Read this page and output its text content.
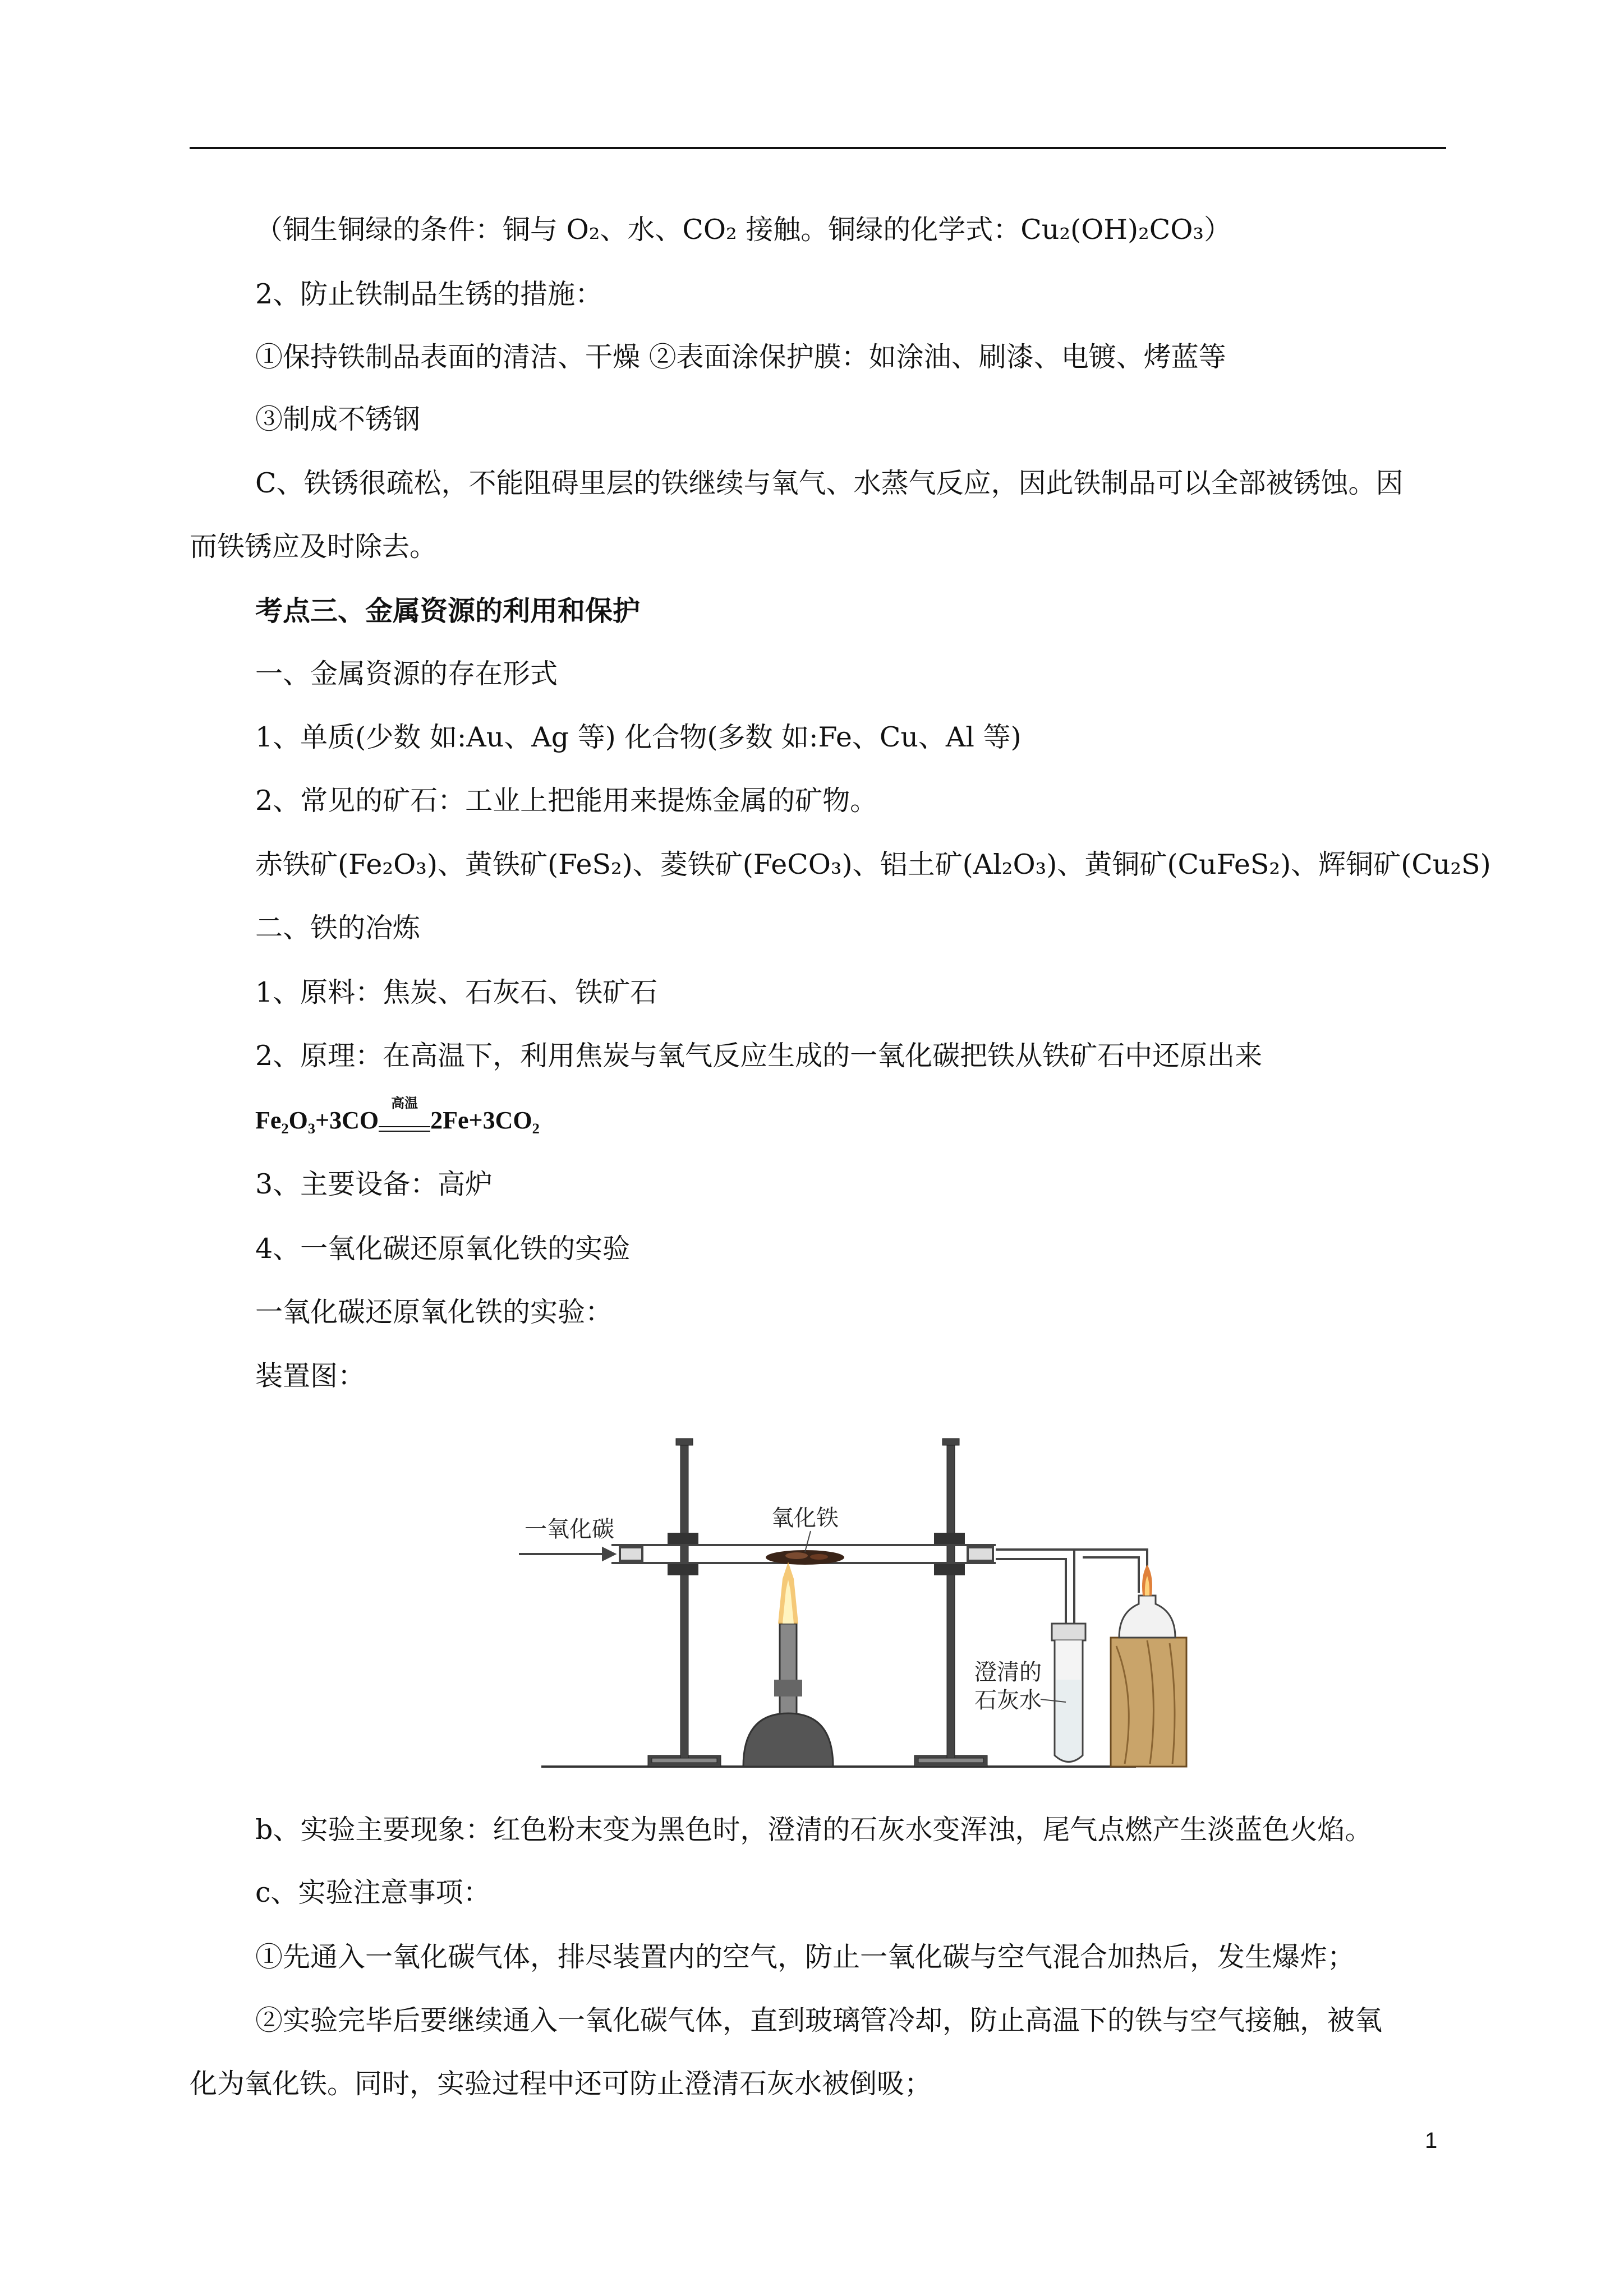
（铜生铜绿的条件：铜与 O₂、水、CO₂ 接触。铜绿的化学式：Cu₂(OH)₂CO₃）
2、防止铁制品生锈的措施：
①保持铁制品表面的清洁、干燥 ②表面涂保护膜：如涂油、刷漆、电镀、烤蓝等
③制成不锈钢
C、铁锈很疏松，不能阻碍里层的铁继续与氧气、水蒸气反应，因此铁制品可以全部被锈蚀。因
而铁锈应及时除去。
考点三、金属资源的利用和保护
一、金属资源的存在形式
1、单质(少数 如:Au、Ag 等) 化合物(多数 如:Fe、Cu、Al 等)
2、常见的矿石：工业上把能用来提炼金属的矿物。
赤铁矿(Fe₂O₃)、黄铁矿(FeS₂)、菱铁矿(FeCO₃)、铝土矿(Al₂O₃)、黄铜矿(CuFeS₂)、辉铜矿(Cu₂S)
二、铁的冶炼
1、原料：焦炭、石灰石、铁矿石
2、原理：在高温下，利用焦炭与氧气反应生成的一氧化碳把铁从铁矿石中还原出来
Fe₂O₃+3CO
高温
2Fe+3CO₂
3、主要设备：高炉
4、一氧化碳还原氧化铁的实验
一氧化碳还原氧化铁的实验：
装置图：
一氧化碳	氧化铁
澄清的
石灰水
b、实验主要现象：红色粉末变为黑色时，澄清的石灰水变浑浊，尾气点燃产生淡蓝色火焰。
c、实验注意事项：
①先通入一氧化碳气体，排尽装置内的空气，防止一氧化碳与空气混合加热后，发生爆炸；
②实验完毕后要继续通入一氧化碳气体，直到玻璃管冷却，防止高温下的铁与空气接触，被氧
化为氧化铁。同时，实验过程中还可防止澄清石灰水被倒吸；
1
